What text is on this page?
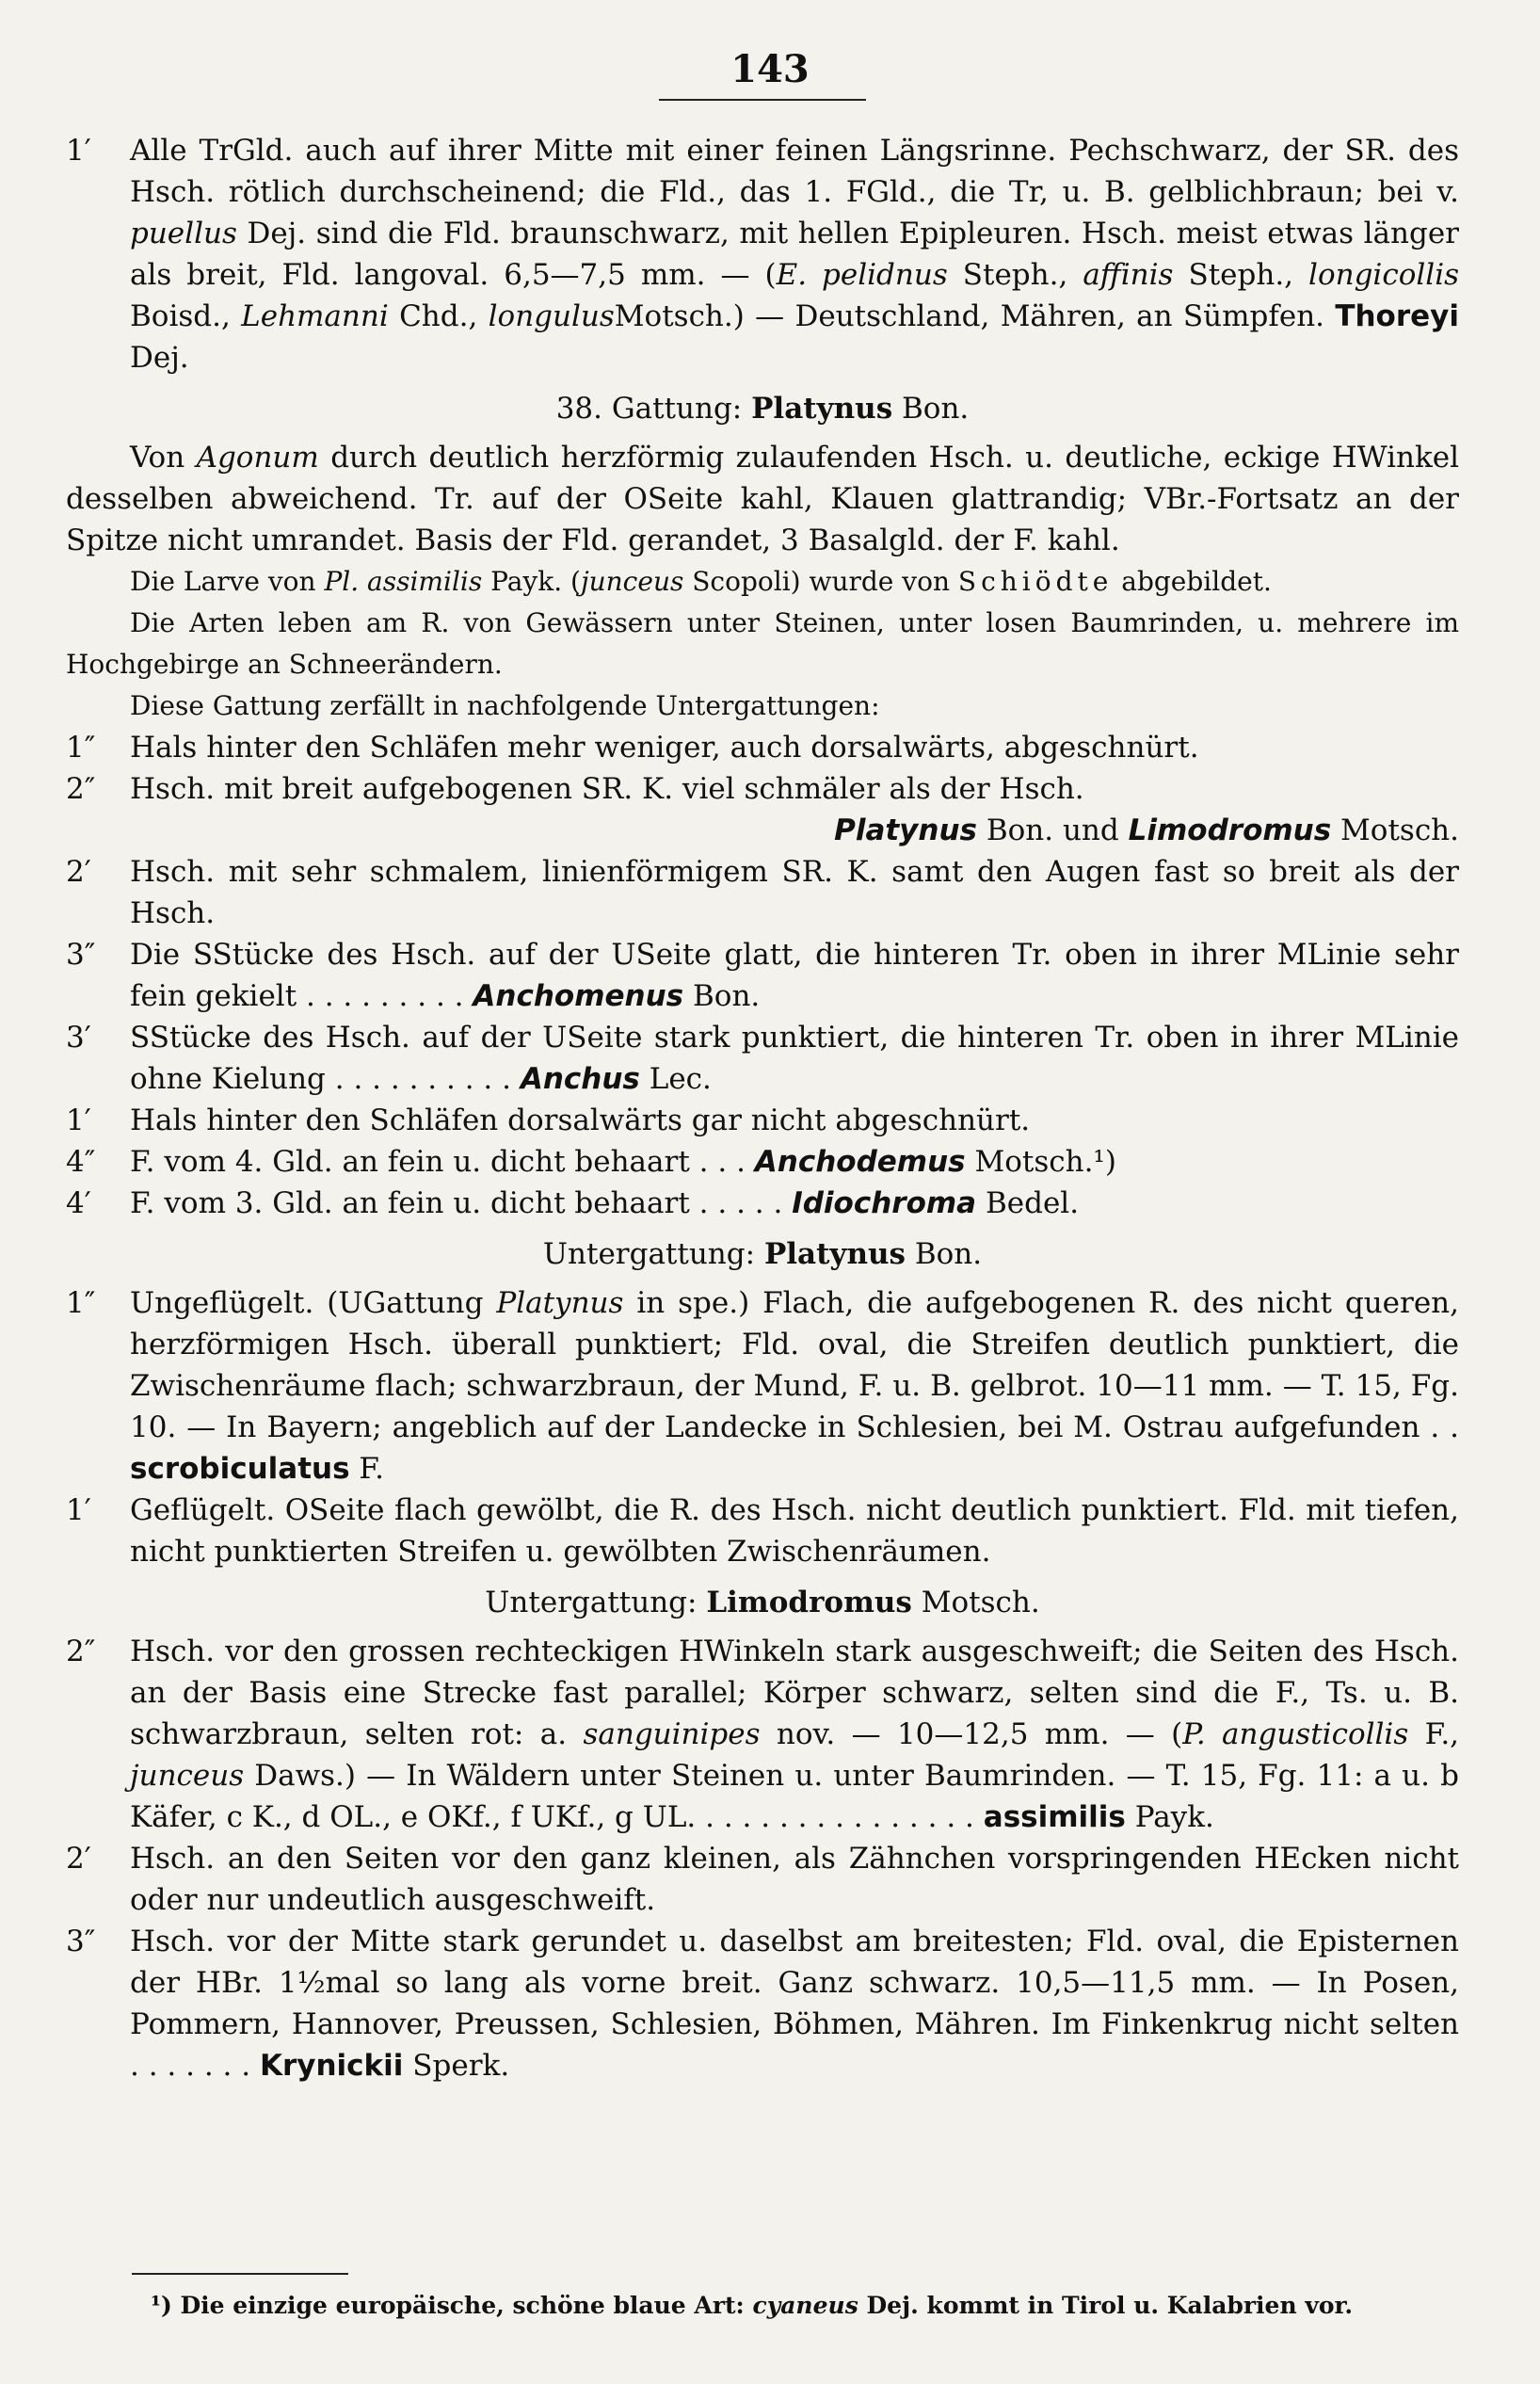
143
1′ Alle TrGld. auch auf ihrer Mitte mit einer feinen Längsrinne. Pechschwarz, der SR. des Hsch. rötlich durchscheinend; die Fld., das 1. FGld., die Tr, u. B. gelblichbraun; bei v. puellus Dej. sind die Fld. braunschwarz, mit hellen Epipleuren. Hsch. meist etwas länger als breit, Fld. langoval. 6,5—7,5 mm. — (E. pelidnus Steph., affinis Steph., longicollis Boisd., Lehmanni Chd., longulusMotsch.) — Deutschland, Mähren, an Sümpfen. Thoreyi Dej.
38. Gattung: Platynus Bon.
Von Agonum durch deutlich herzförmig zulaufenden Hsch. u. deutliche, eckige HWinkel desselben abweichend. Tr. auf der OSeite kahl, Klauen glattrandig; VBr.-Fortsatz an der Spitze nicht umrandet. Basis der Fld. gerandet, 3 Basalgld. der F. kahl.
Die Larve von Pl. assimilis Payk. (junceus Scopoli) wurde von Schiödte abgebildet.
Die Arten leben am R. von Gewässern unter Steinen, unter losen Baumrinden, u. mehrere im Hochgebirge an Schneerändern.
Diese Gattung zerfällt in nachfolgende Untergattungen:
1″ Hals hinter den Schläfen mehr weniger, auch dorsalwärts, abgeschnürt.
2″ Hsch. mit breit aufgebogenen SR. K. viel schmäler als der Hsch.
Platynus Bon. und Limodromus Motsch.
2′ Hsch. mit sehr schmalem, linienförmigem SR. K. samt den Augen fast so breit als der Hsch.
3″ Die SStücke des Hsch. auf der USeite glatt, die hinteren Tr. oben in ihrer MLinie sehr fein gekielt . . . . . . . . . Anchomenus Bon.
3′ SStücke des Hsch. auf der USeite stark punktiert, die hinteren Tr. oben in ihrer MLinie ohne Kielung . . . . . . . . . . Anchus Lec.
1′ Hals hinter den Schläfen dorsalwärts gar nicht abgeschnürt.
4″ F. vom 4. Gld. an fein u. dicht behaart . . . Anchodemus Motsch.¹)
4′ F. vom 3. Gld. an fein u. dicht behaart . . . . . Idiochroma Bedel.
Untergattung: Platynus Bon.
1″ Ungeflügelt. (UGattung Platynus in spe.) Flach, die aufgebogenen R. des nicht queren, herzförmigen Hsch. überall punktiert; Fld. oval, die Streifen deutlich punktiert, die Zwischenräume flach; schwarzbraun, der Mund, F. u. B. gelbrot. 10—11 mm. — T. 15, Fg. 10. — In Bayern; angeblich auf der Landecke in Schlesien, bei M. Ostrau aufgefunden . . scrobiculatus F.
1′ Geflügelt. OSeite flach gewölbt, die R. des Hsch. nicht deutlich punktiert. Fld. mit tiefen, nicht punktierten Streifen u. gewölbten Zwischenräumen.
Untergattung: Limodromus Motsch.
2″ Hsch. vor den grossen rechteckigen HWinkeln stark ausgeschweift; die Seiten des Hsch. an der Basis eine Strecke fast parallel; Körper schwarz, selten sind die F., Ts. u. B. schwarzbraun, selten rot: a. sanguinipes nov. — 10—12,5 mm. — (P. angusticollis F., junceus Daws.) — In Wäldern unter Steinen u. unter Baumrinden. — T. 15, Fg. 11: a u. b Käfer, c K., d OL., e OKf., f UKf., g UL. . . . . . . . . . . . . . . . assimilis Payk.
2′ Hsch. an den Seiten vor den ganz kleinen, als Zähnchen vorspringenden HEcken nicht oder nur undeutlich ausgeschweift.
3″ Hsch. vor der Mitte stark gerundet u. daselbst am breitesten; Fld. oval, die Episternen der HBr. 1½mal so lang als vorne breit. Ganz schwarz. 10,5—11,5 mm. — In Posen, Pommern, Hannover, Preussen, Schlesien, Böhmen, Mähren. Im Finkenkrug nicht selten . . . . . . . Krynickii Sperk.
¹) Die einzige europäische, schöne blaue Art: cyaneus Dej. kommt in Tirol u. Kalabrien vor.
